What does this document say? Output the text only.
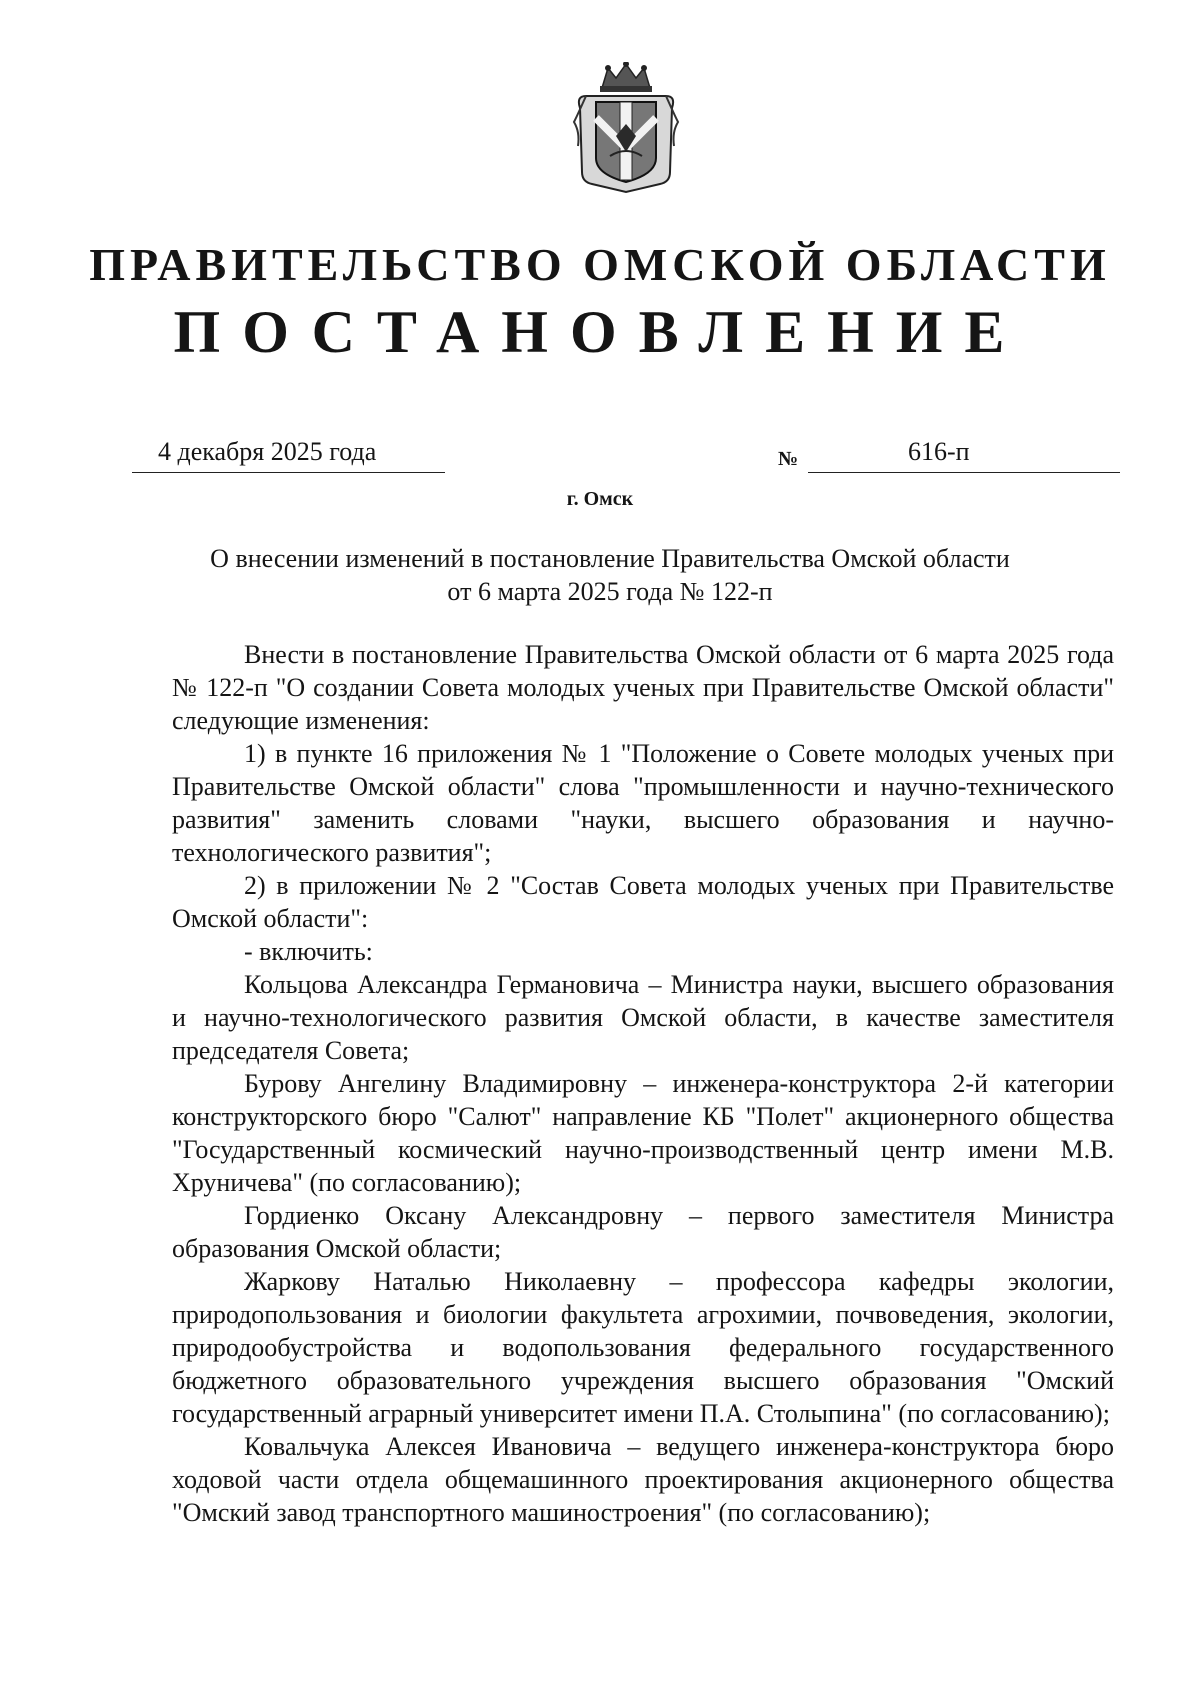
ПРАВИТЕЛЬСТВО ОМСКОЙ ОБЛАСТИ
ПОСТАНОВЛЕНИЕ
4 декабря 2025 года	№	616-п
г. Омск
О внесении изменений в постановление Правительства Омской области
от 6 марта 2025 года № 122-п

Внести в постановление Правительства Омской области от 6 марта 2025 года № 122-п "О создании Совета молодых ученых при Правительстве Омской области" следующие изменения:

1) в пункте 16 приложения № 1 "Положение о Совете молодых ученых при Правительстве Омской области" слова "промышленности и научно-технического развития" заменить словами "науки, высшего образования и научно-технологического развития";

2) в приложении № 2 "Состав Совета молодых ученых при Правительстве Омской области":

- включить:

Кольцова Александра Германовича – Министра науки, высшего образования и научно-технологического развития Омской области, в качестве заместителя председателя Совета;

Бурову Ангелину Владимировну – инженера-конструктора 2-й категории конструкторского бюро "Салют" направление КБ "Полет" акционерного общества "Государственный космический научно-производственный центр имени М.В. Хруничева" (по согласованию);

Гордиенко Оксану Александровну – первого заместителя Министра образования Омской области;

Жаркову Наталью Николаевну – профессора кафедры экологии, природопользования и биологии факультета агрохимии, почвоведения, экологии, природообустройства и водопользования федерального государственного бюджетного образовательного учреждения высшего образования "Омский государственный аграрный университет имени П.А. Столыпина" (по согласованию);

Ковальчука Алексея Ивановича – ведущего инженера-конструктора бюро ходовой части отдела общемашинного проектирования акционерного общества "Омский завод транспортного машиностроения" (по согласованию);
